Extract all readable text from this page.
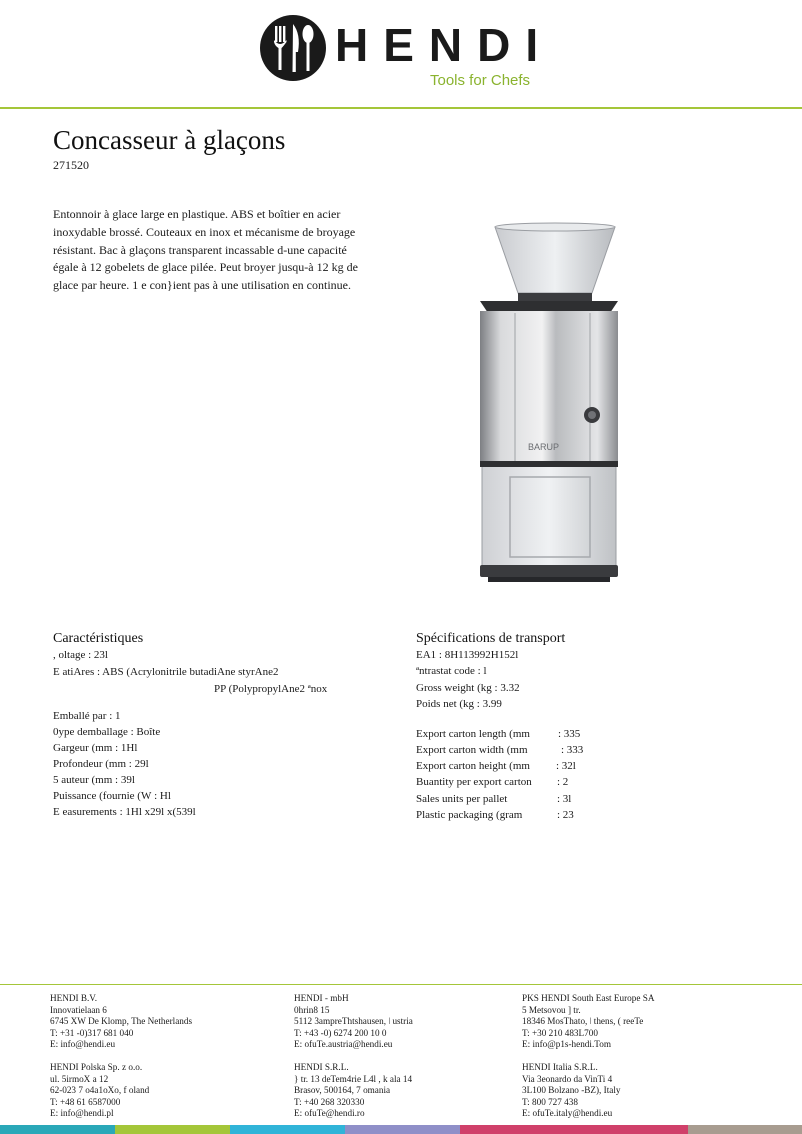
HENDI
Tools for Chefs
Concasseur à glaçons
271520
Entonnoir à glace large en plastique. ABS et boîtier en acier inoxydable brossé. Couteaux en inox et mécanisme de broyage résistant. Bac à glaçons transparent incassable d-une capacité égale à 12 gobelets de glace pilée. Peut broyer jusqu-à 12 kg de glace par heure. 1 e con}ient pas à une utilisation en continue.
BARUP
Caractéristiques
, oltage : 23l
E atiAres : ABS (Acrylonitrile butadiAne styrAne2
PP (PolypropylAne2 ªnox
Emballé par : 1
0ype demballage : Boîte
Gargeur (mm : 1Hl
Profondeur (mm : 29l
5 auteur (mm : 39l
Puissance (fournie (W : Hl
E easurements : 1Hl x29l x(539l
Spécifications de transport
EA1 : 8H113992H152l
ªntrastat code : l
Gross weight (kg : 3.32
Poids net (kg : 3.99
Export carton length (mm	: 335
Export carton width (mm	: 333
Export carton height (mm : 32l
Buantity per export carton : 2
Sales units per pallet	: 3l
Plastic packaging (gram	: 23
HENDI B.V.
Innovatielaan 6
6745 XW De Klomp, The Netherlands
T: +31 -0)317 681 040
E: info@hendi.eu
HENDI - mbH
0hrin8 15
5112 3ampreThtshausen, ǀ ustria
T: +43 -0) 6274 200 10 0
E: ofuTe.austria@hendi.eu
PKS HENDI South East Europe SA
5 Metsovou ] tr.
18346 MosThato, ǀ thens, ( reeTe
T: +30 210 483L700
E: info@p1s-hendi.Tom
HENDI Polska Sp. z o.o.
ul. 5irmoX a 12
62-023 7 o4a1oXo, f oland
T: +48 61 6587000
E: info@hendi.pl
HENDI S.R.L.
} tr. 13 deTem4rie L4l , k ala 14
Brasov, 500164, 7 omania
T: +40 268 320330
E: ofuTe@hendi.ro
HENDI Italia S.R.L.
Via 3eonardo da VinTi 4
3L100 Bolzano -BZ), Italy
T: 800 727 438
E: ofuTe.italy@hendi.eu
